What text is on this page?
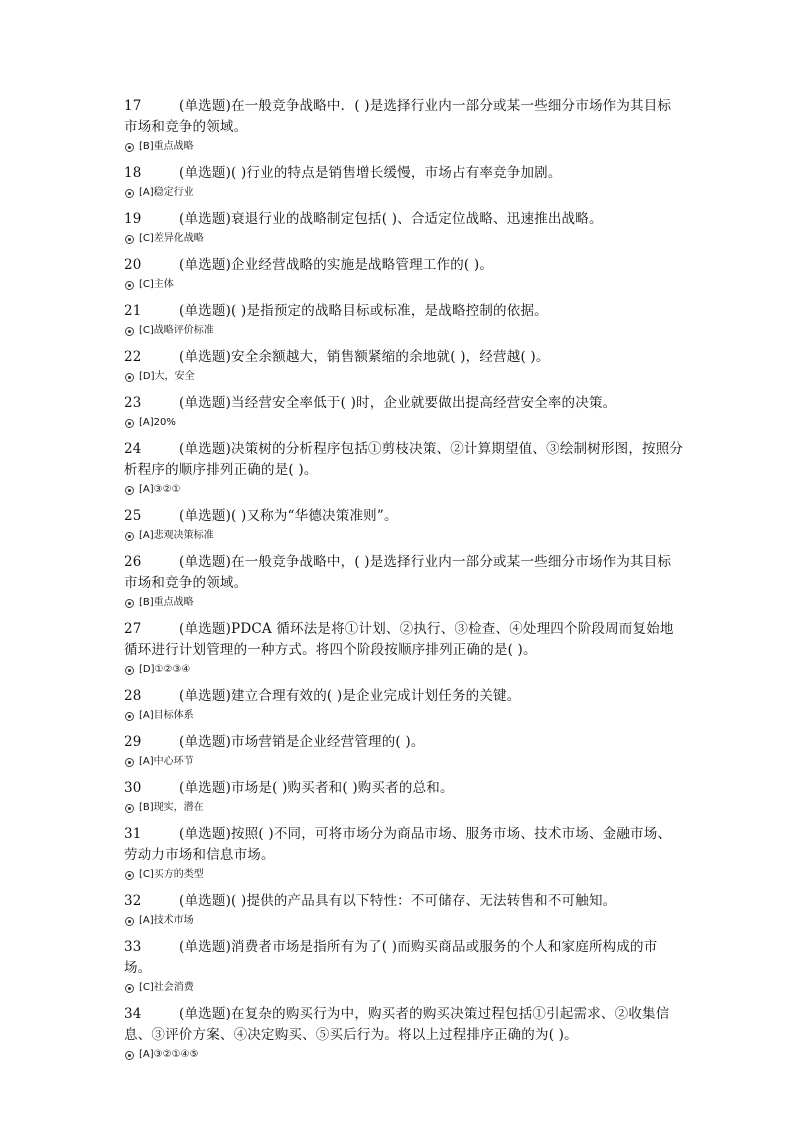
17	(单选题)在一般竞争战略中．( )是选择行业内一部分或某一些细分市场作为其目标市场和竞争的领域。
[B]重点战略
18	(单选题)( )行业的特点是销售增长缓慢，市场占有率竞争加剧。
[A]稳定行业
19	(单选题)衰退行业的战略制定包括( )、合适定位战略、迅速推出战略。
[C]差异化战略
20	(单选题)企业经营战略的实施是战略管理工作的( )。
[C]主体
21	(单选题)( )是指预定的战略目标或标准，是战略控制的依据。
[C]战略评价标准
22	(单选题)安全余额越大，销售额紧缩的余地就( )，经营越( )。
[D]大，安全
23	(单选题)当经营安全率低于( )时，企业就要做出提高经营安全率的决策。
[A]20%
24	(单选题)决策树的分析程序包括①剪枝决策、②计算期望值、③绘制树形图，按照分析程序的顺序排列正确的是( )。
[A]③②①
25	(单选题)( )又称为“华德决策准则”。
[A]悲观决策标准
26	(单选题)在一般竞争战略中，( )是选择行业内一部分或某一些细分市场作为其目标市场和竞争的领域。
[B]重点战略
27	(单选题)PDCA 循环法是将①计划、②执行、③检查、④处理四个阶段周而复始地循环进行计划管理的一种方式。将四个阶段按顺序排列正确的是( )。
[D]①②③④
28	(单选题)建立合理有效的( )是企业完成计划任务的关键。
[A]目标体系
29	(单选题)市场营销是企业经营管理的( )。
[A]中心环节
30	(单选题)市场是( )购买者和( )购买者的总和。
[B]现实，潜在
31	(单选题)按照( )不同，可将市场分为商品市场、服务市场、技术市场、金融市场、劳动力市场和信息市场。
[C]买方的类型
32	(单选题)( )提供的产品具有以下特性：不可储存、无法转售和不可触知。
[A]技术市场
33	(单选题)消费者市场是指所有为了( )而购买商品或服务的个人和家庭所构成的市场。
[C]社会消费
34	(单选题)在复杂的购买行为中，购买者的购买决策过程包括①引起需求、②收集信息、③评价方案、④决定购买、⑤买后行为。将以上过程排序正确的为( )。
[A]③②①④⑤
